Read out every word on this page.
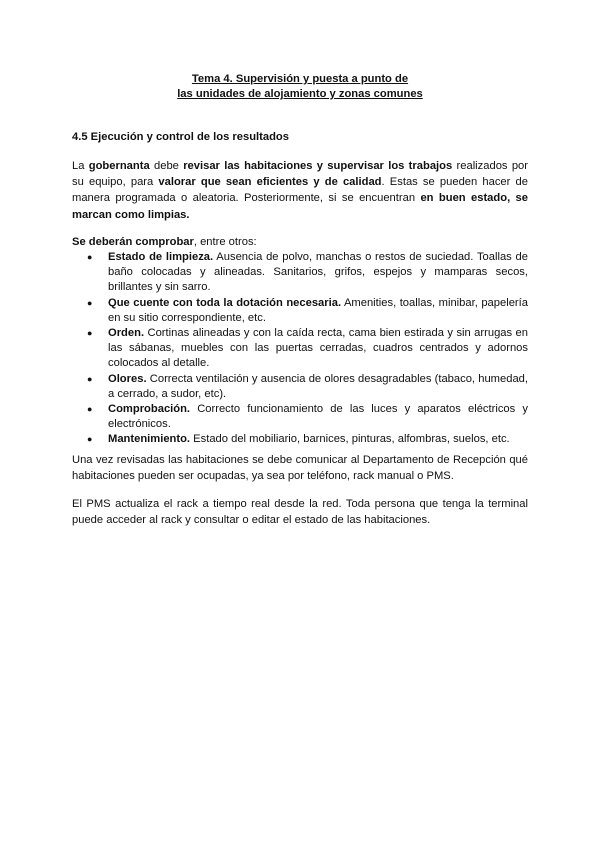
Tema 4. Supervisión y puesta a punto de
las unidades de alojamiento y zonas comunes
4.5 Ejecución y control de los resultados
La gobernanta debe revisar las habitaciones y supervisar los trabajos realizados por su equipo, para valorar que sean eficientes y de calidad. Estas se pueden hacer de manera programada o aleatoria. Posteriormente, si se encuentran en buen estado, se marcan como limpias.
Se deberán comprobar, entre otros:
● Estado de limpieza. Ausencia de polvo, manchas o restos de suciedad. Toallas de baño colocadas y alineadas. Sanitarios, grifos, espejos y mamparas secos, brillantes y sin sarro.
● Que cuente con toda la dotación necesaria. Amenities, toallas, minibar, papelería en su sitio correspondiente, etc.
● Orden. Cortinas alineadas y con la caída recta, cama bien estirada y sin arrugas en las sábanas, muebles con las puertas cerradas, cuadros centrados y adornos colocados al detalle.
● Olores. Correcta ventilación y ausencia de olores desagradables (tabaco, humedad, a cerrado, a sudor, etc).
● Comprobación. Correcto funcionamiento de las luces y aparatos eléctricos y electrónicos.
● Mantenimiento. Estado del mobiliario, barnices, pinturas, alfombras, suelos, etc.
Una vez revisadas las habitaciones se debe comunicar al Departamento de Recepción qué habitaciones pueden ser ocupadas, ya sea por teléfono, rack manual o PMS.
El PMS actualiza el rack a tiempo real desde la red. Toda persona que tenga la terminal puede acceder al rack y consultar o editar el estado de las habitaciones.
